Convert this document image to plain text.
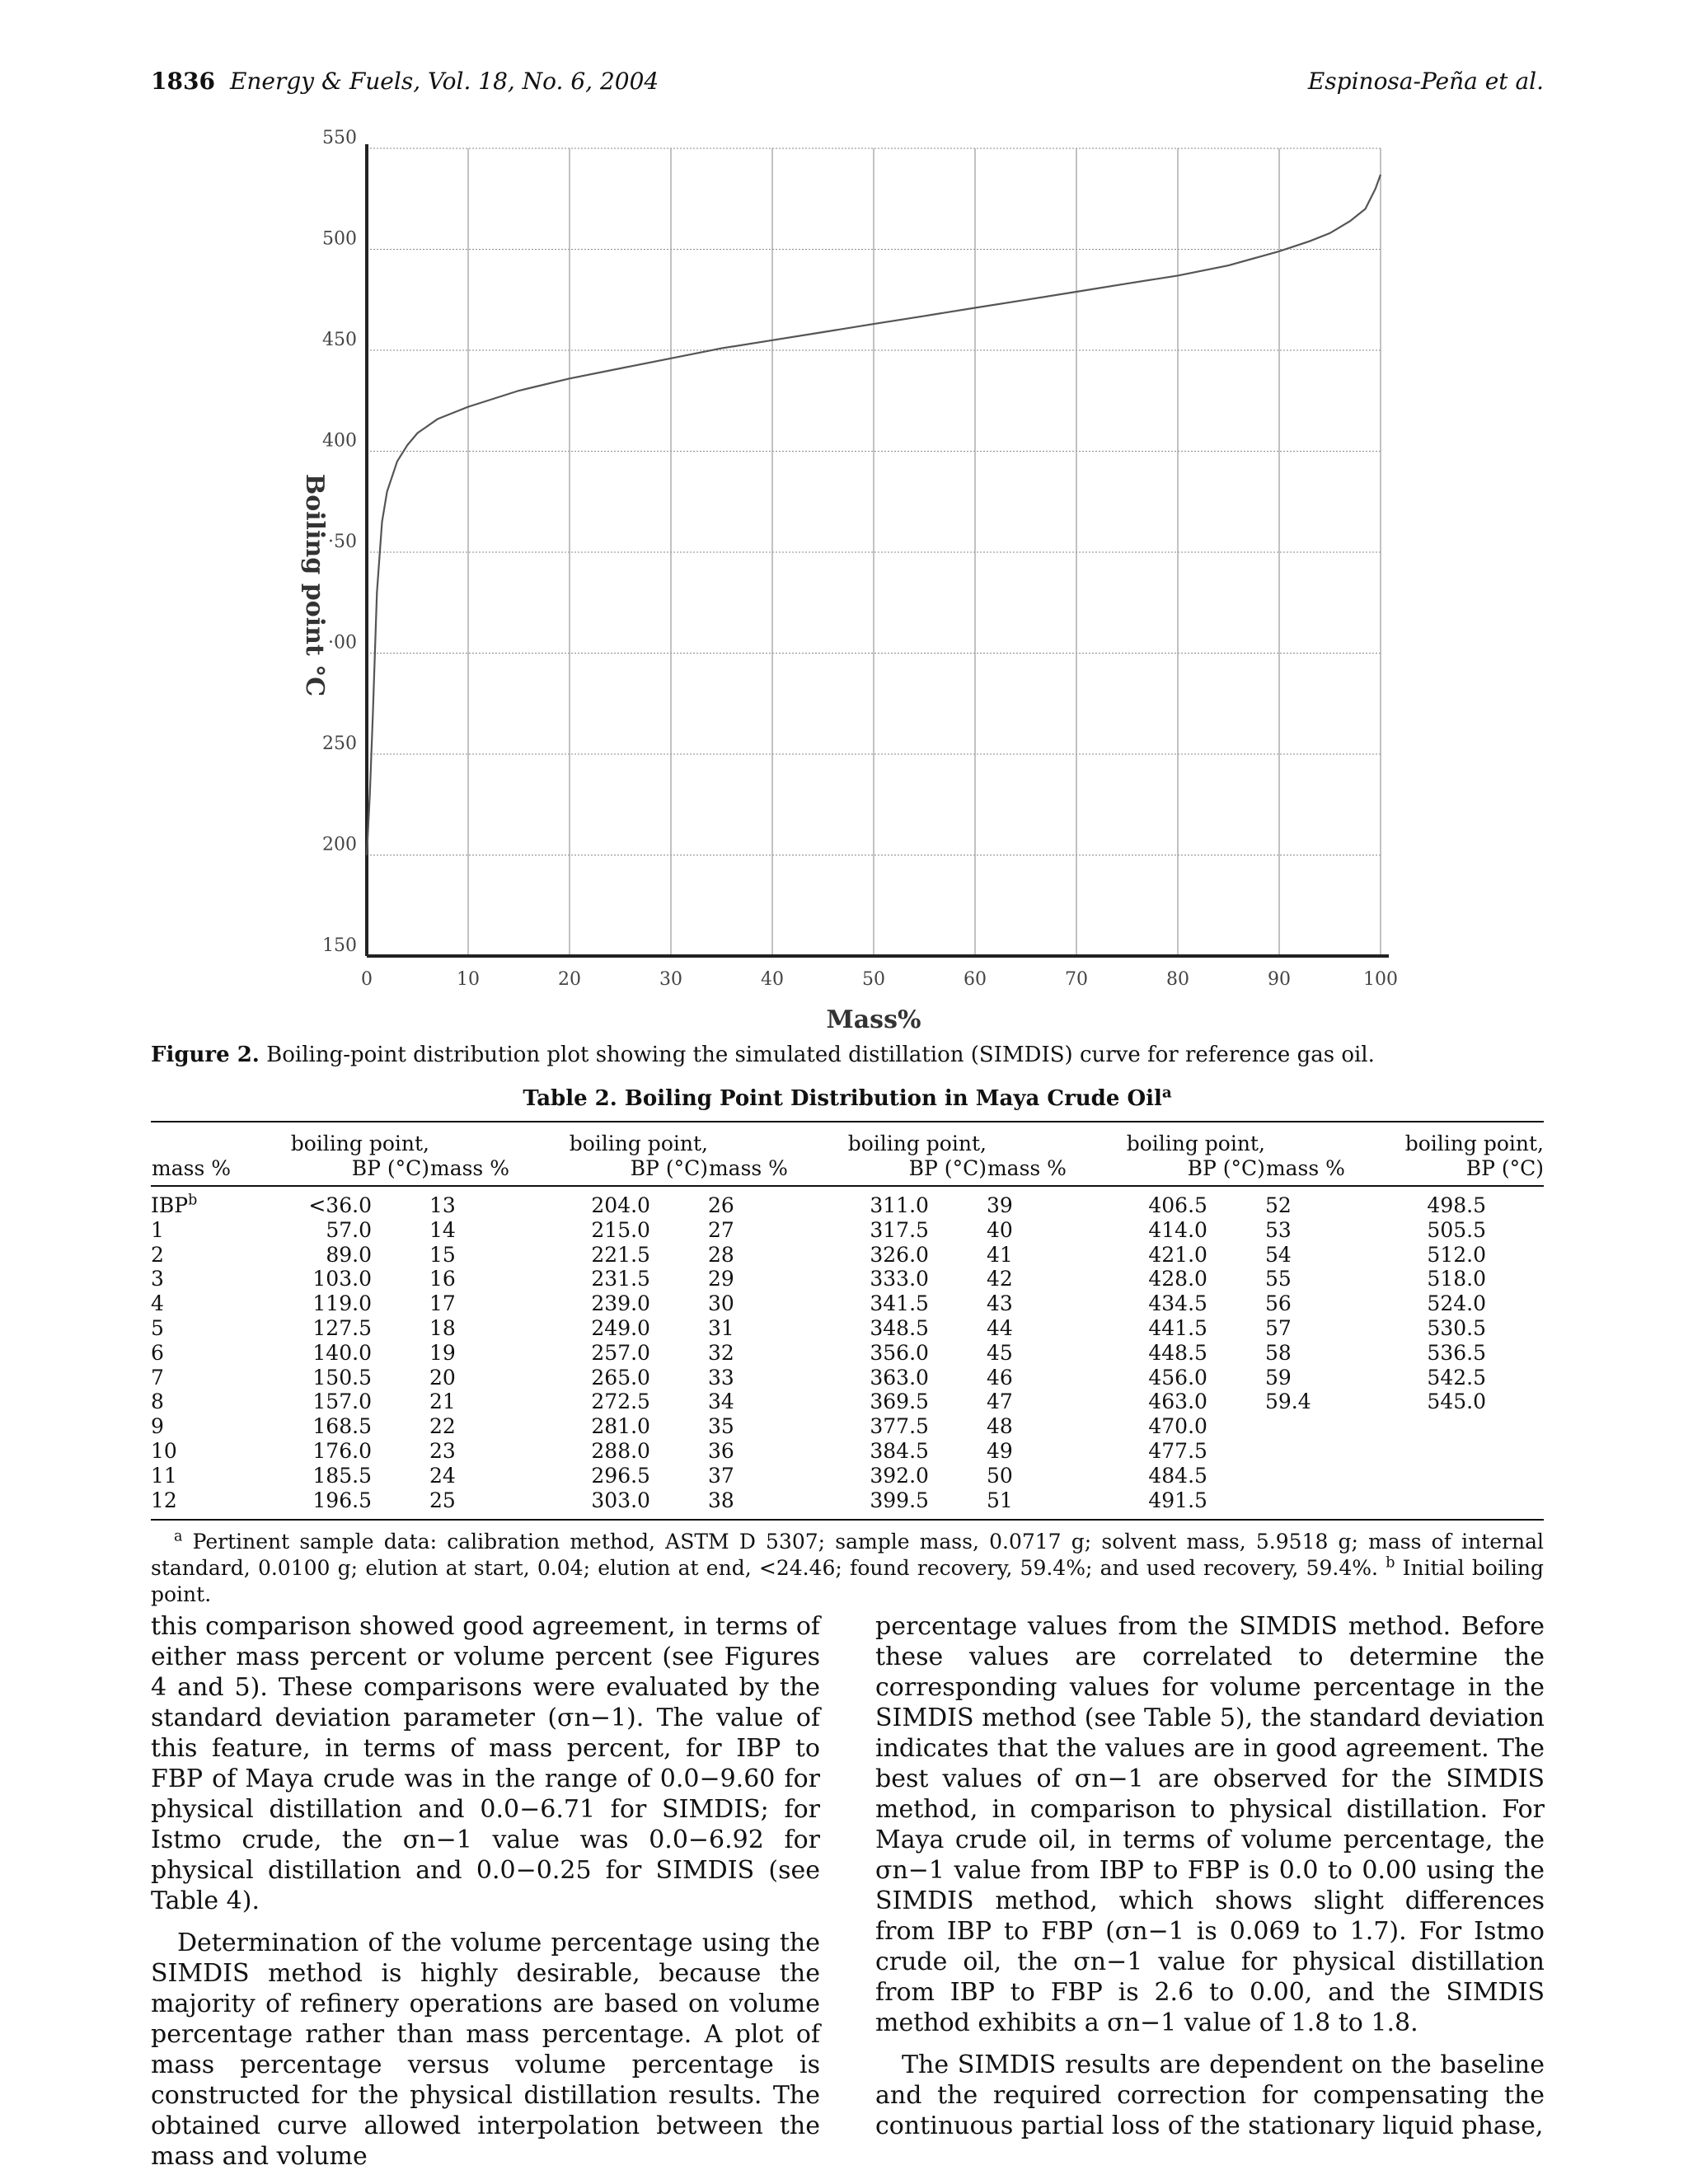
1836 Energy & Fuels, Vol. 18, No. 6, 2004	Espinosa-Peña et al.
150
200
250
·00
·50
400
450
500
550
0	10	20	30	40	50	60	70	80	90	100
Mass%
Boiling point °C
Figure 2. Boiling-point distribution plot showing the simulated distillation (SIMDIS) curve for reference gas oil.
Table 2. Boiling Point Distribution in Maya Crude Oil$^a$
	boiling point,		boiling point,		boiling point,		boiling point,		boiling point,
mass %	BP (°C)	mass %	BP (°C)	mass %	BP (°C)	mass %	BP (°C)	mass %	BP (°C)
$IBP^b$	<36.0	13	204.0	26	311.0	39	406.5	52	498.5
1	57.0	14	215.0	27	317.5	40	414.0	53	505.5
2	89.0	15	221.5	28	326.0	41	421.0	54	512.0
3	103.0	16	231.5	29	333.0	42	428.0	55	518.0
4	119.0	17	239.0	30	341.5	43	434.5	56	524.0
5	127.5	18	249.0	31	348.5	44	441.5	57	530.5
6	140.0	19	257.0	32	356.0	45	448.5	58	536.5
7	150.5	20	265.0	33	363.0	46	456.0	59	542.5
8	157.0	21	272.5	34	369.5	47	463.0	59.4	545.0
9	168.5	22	281.0	35	377.5	48	470.0		
10	176.0	23	288.0	36	384.5	49	477.5		
11	185.5	24	296.5	37	392.0	50	484.5		
12	196.5	25	303.0	38	399.5	51	491.5		
$^a$ Pertinent sample data: calibration method, ASTM D 5307; sample mass, 0.0717 g; solvent mass, 5.9518 g; mass of internal standard, 0.0100 g; elution at start, 0.04; elution at end, <24.46; found recovery, 59.4%; and used recovery, 59.4%. $^b$ Initial boiling point.

this comparison showed good agreement, in terms of either mass percent or volume percent (see Figures 4 and 5). These comparisons were evaluated by the standard deviation parameter (σn−1). The value of this feature, in terms of mass percent, for IBP to FBP of Maya crude was in the range of 0.0−9.60 for physical distillation and 0.0−6.71 for SIMDIS; for Istmo crude, the σn−1 value was 0.0−6.92 for physical distillation and 0.0−0.25 for SIMDIS (see Table 4).

Determination of the volume percentage using the SIMDIS method is highly desirable, because the majority of refinery operations are based on volume percentage rather than mass percentage. A plot of mass percentage versus volume percentage is constructed for the physical distillation results. The obtained curve allowed interpolation between the mass and volume

percentage values from the SIMDIS method. Before these values are correlated to determine the corresponding values for volume percentage in the SIMDIS method (see Table 5), the standard deviation indicates that the values are in good agreement. The best values of σn−1 are observed for the SIMDIS method, in comparison to physical distillation. For Maya crude oil, in terms of volume percentage, the σn−1 value from IBP to FBP is 0.0 to 0.00 using the SIMDIS method, which shows slight differences from IBP to FBP (σn−1 is 0.069 to 1.7). For Istmo crude oil, the σn−1 value for physical distillation from IBP to FBP is 2.6 to 0.00, and the SIMDIS method exhibits a σn−1 value of 1.8 to 1.8.

The SIMDIS results are dependent on the baseline and the required correction for compensating the continuous partial loss of the stationary liquid phase,
